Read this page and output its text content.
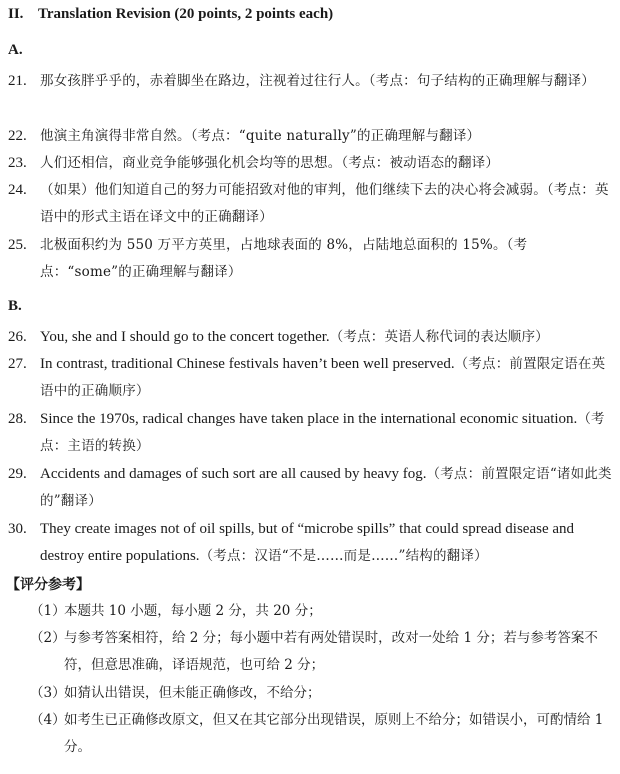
II. Translation Revision (20 points, 2 points each)
A.
21. 那女孩胖乎乎的，赤着脚坐在路边，注视着过往行人。（考点：句子结构的正确理解与翻译）
22. 他演主角演得非常自然。（考点：“quite naturally”的正确理解与翻译）
23. 人们还相信，商业竞争能够强化机会均等的思想。（考点：被动语态的翻译）
24. （如果）他们知道自己的努力可能招致对他的审判，他们继续下去的决心将会减弱。（考点：英语中的形式主语在译文中的正确翻译）
25. 北极面积约为 550 万平方英里，占地球表面的 8%，占陆地总面积的 15%。（考点：“some”的正确理解与翻译）
B.
26. You, she and I should go to the concert together.（考点：英语人称代词的表达顺序）
27. In contrast, traditional Chinese festivals haven’t been well preserved.（考点：前置限定语在英语中的正确顺序）
28. Since the 1970s, radical changes have taken place in the international economic situation.（考点：主语的转换）
29. Accidents and damages of such sort are all caused by heavy fog.（考点：前置限定语“诸如此类的”翻译）
30. They create images not of oil spills, but of “microbe spills” that could spread disease and destroy entire populations.（考点：汉语“不是……而是……”结构的翻译）
【评分参考】
（1）
本题共 10 小题，每小题 2 分，共 20 分；
（2）
与参考答案相符，给 2 分；每小题中若有两处错误时，改对一处给 1 分；若与参考答案不符，但意思准确，译语规范，也可给 2 分；
（3）
如猜认出错误，但未能正确修改，不给分；
（4）
如考生已正确修改原文，但又在其它部分出现错误，原则上不给分；如错误小，可酌情给 1 分。
